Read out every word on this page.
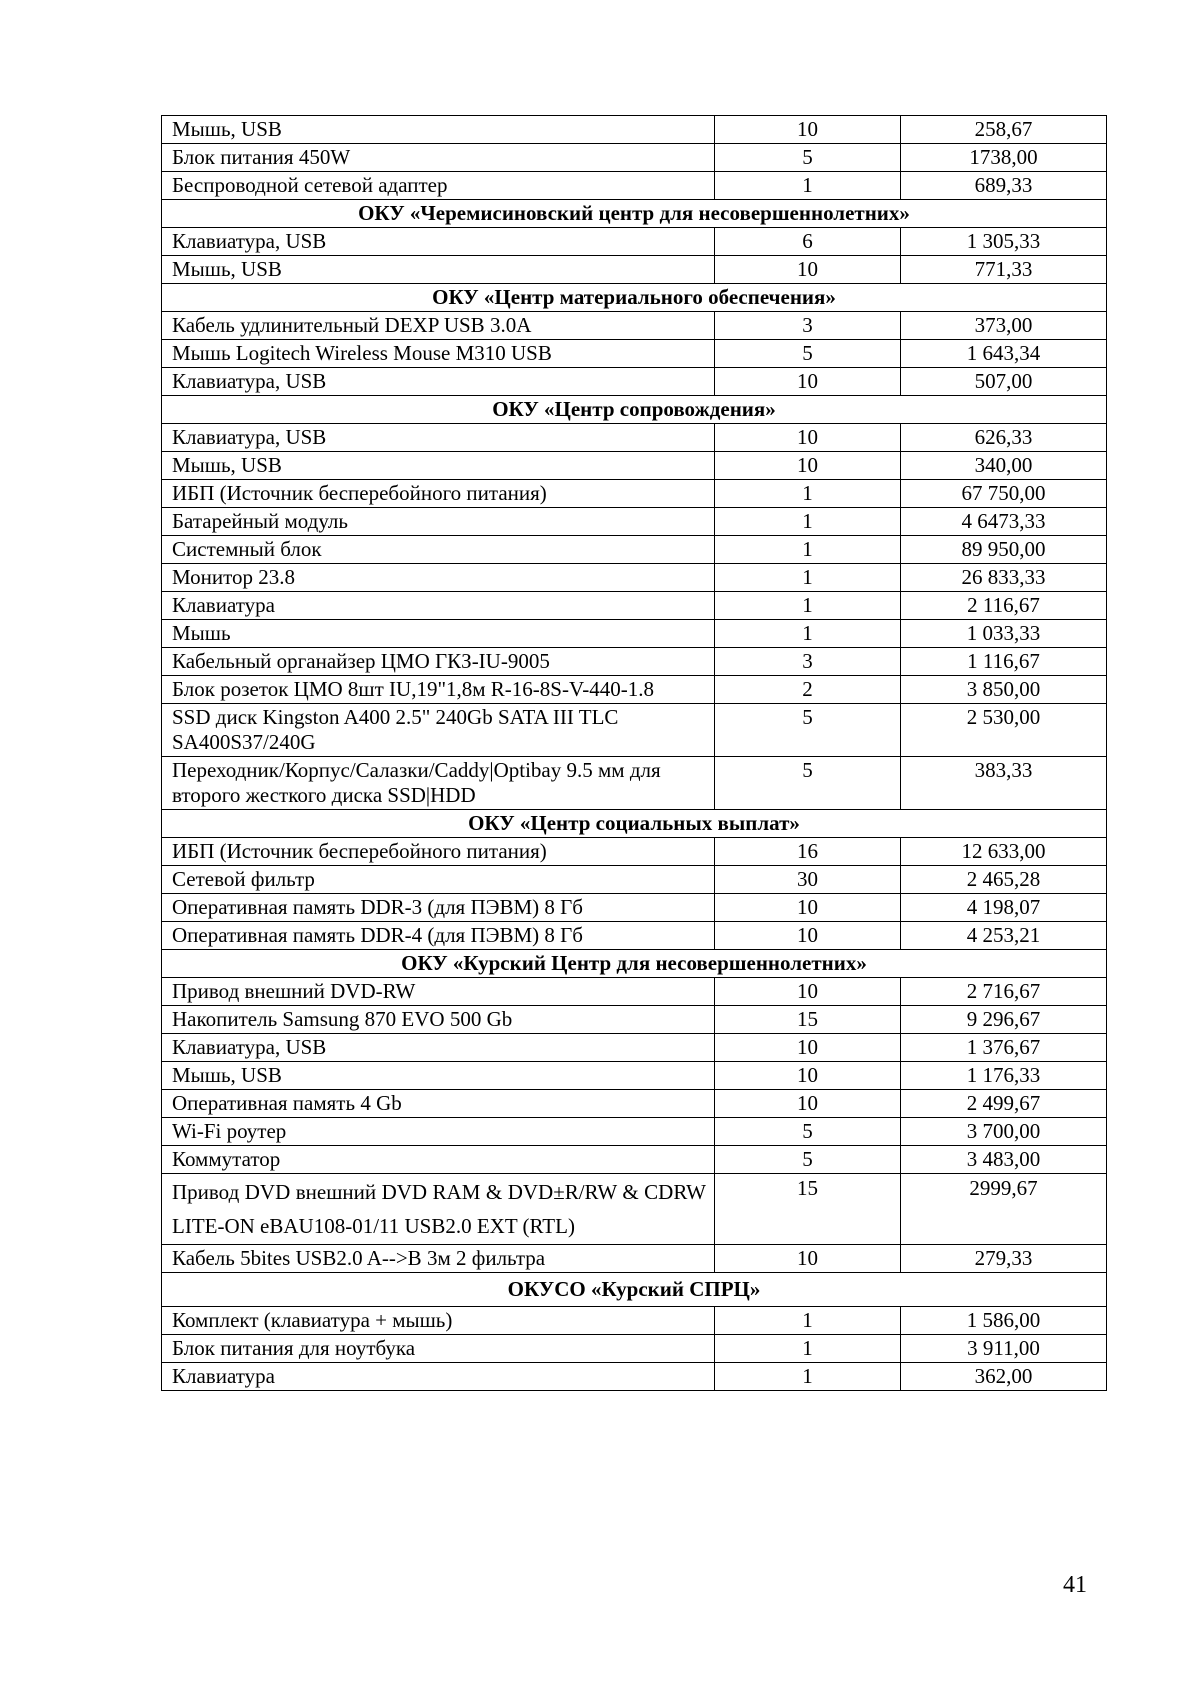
Мышь, USB	10	258,67
Блок питания 450W	5	1738,00
Беспроводной сетевой адаптер	1	689,33
ОКУ «Черемисиновский центр для несовершеннолетних»		
Клавиатура, USB	6	1 305,33
Мышь, USB	10	771,33
ОКУ «Центр материального обеспечения»		
Кабель удлинительный DEXP USB 3.0A	3	373,00
Мышь Logitech Wireless Mouse M310 USB	5	1 643,34
Клавиатура, USB	10	507,00
ОКУ «Центр сопровождения»		
Клавиатура, USB	10	626,33
Мышь, USB	10	340,00
ИБП (Источник бесперебойного питания)	1	67 750,00
Батарейный модуль	1	4 6473,33
Системный блок	1	89 950,00
Монитор 23.8	1	26 833,33
Клавиатура	1	2 116,67
Мышь	1	1 033,33
Кабельный органайзер ЦМО ГКЗ-IU-9005	3	1 116,67
Блок розеток ЦМО 8шт IU,19"1,8м R-16-8S-V-440-1.8	2	3 850,00
SSD диск Kingston A400 2.5" 240Gb SATA III TLC SA400S37/240G	5	2 530,00
Переходник/Корпус/Салазки/Caddy|Optibay 9.5 мм для второго жесткого диска SSD|HDD	5	383,33
ОКУ «Центр социальных выплат»		
ИБП (Источник бесперебойного питания)	16	12 633,00
Сетевой фильтр	30	2 465,28
Оперативная память DDR-3 (для ПЭВМ) 8 Гб	10	4 198,07
Оперативная память DDR-4 (для ПЭВМ) 8 Гб	10	4 253,21
ОКУ «Курский Центр для несовершеннолетних»		
Привод внешний DVD-RW	10	2 716,67
Накопитель Samsung 870 EVO 500 Gb	15	9 296,67
Клавиатура, USB	10	1 376,67
Мышь, USB	10	1 176,33
Оперативная память 4 Gb	10	2 499,67
Wi-Fi роутер	5	3 700,00
Коммутатор	5	3 483,00
Привод DVD внешний DVD RAM & DVD±R/RW & CDRW LITE-ON eBAU108-01/11 USB2.0 EXT (RTL)	15	2999,67
Кабель 5bites USB2.0 A-->B 3м 2 фильтра	10	279,33
ОКУСО «Курский СПРЦ»		
Комплект (клавиатура + мышь)	1	1 586,00
Блок питания для ноутбука	1	3 911,00
Клавиатура	1	362,00
41
